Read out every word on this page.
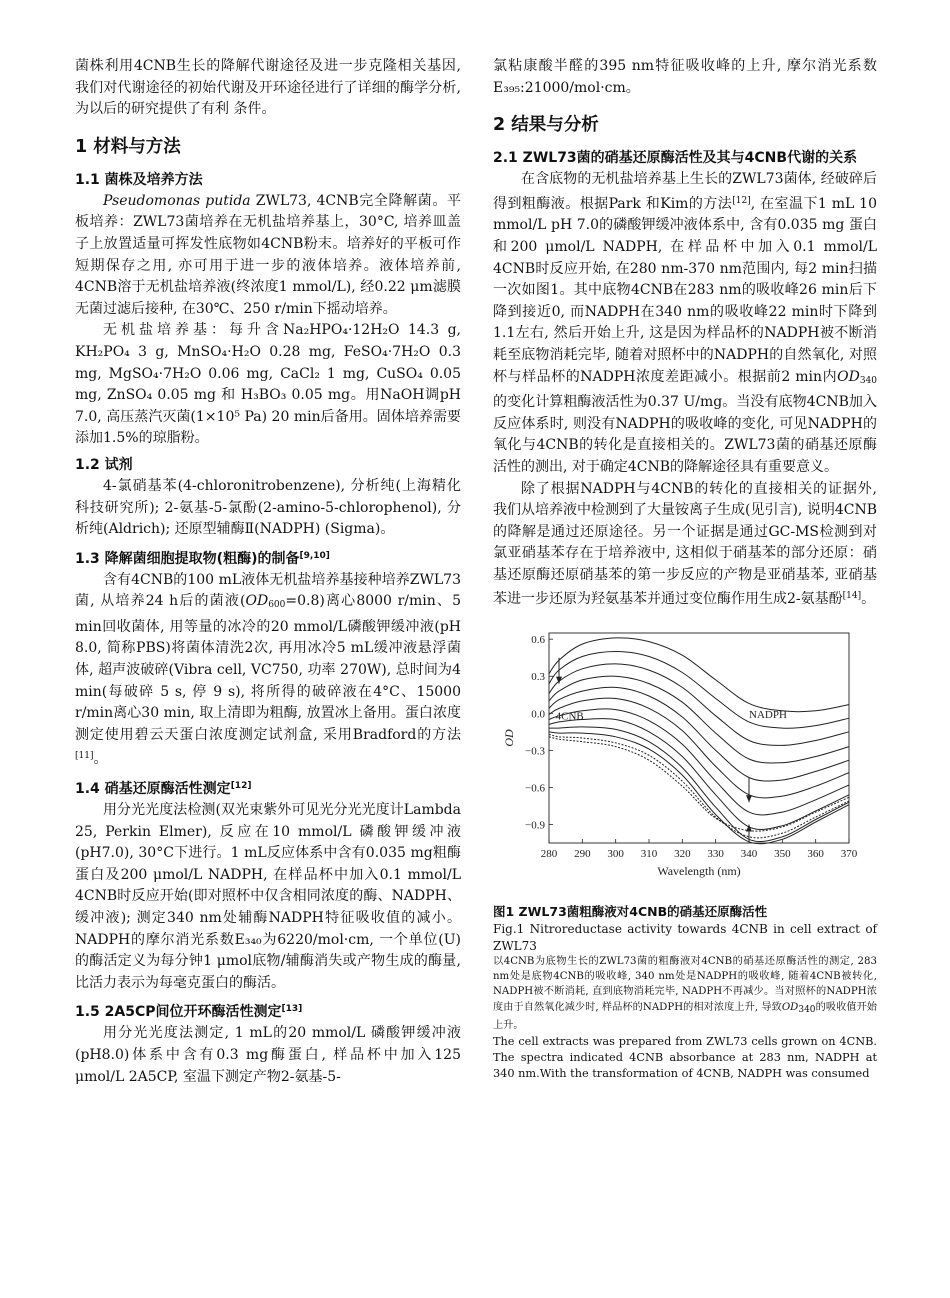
菌株利用4CNB生长的降解代谢途径及进一步克隆相关基因, 我们对代谢途径的初始代谢及开环途径进行了详细的酶学分析, 为以后的研究提供了有利 条件。

1 材料与方法
1.1 菌株及培养方法

Pseudomonas putida ZWL73, 4CNB完全降解菌。平板培养：ZWL73菌培养在无机盐培养基上，30°C, 培养皿盖子上放置适量可挥发性底物如4CNB粉末。培养好的平板可作短期保存之用, 亦可用于进一步的液体培养。液体培养前, 4CNB溶于无机盐培养液(终浓度1 mmol/L), 经0.22 μm滤膜无菌过滤后接种, 在30℃、250 r/min下摇动培养。

无机盐培养基：每升含Na₂HPO₄·12H₂O 14.3 g, KH₂PO₄ 3 g, MnSO₄·H₂O 0.28 mg, FeSO₄·7H₂O 0.3 mg, MgSO₄·7H₂O 0.06 mg, CaCl₂ 1 mg, CuSO₄ 0.05 mg, ZnSO₄ 0.05 mg 和 H₃BO₃ 0.05 mg。用NaOH调pH 7.0, 高压蒸汽灭菌(1×10⁵ Pa) 20 min后备用。固体培养需要添加1.5%的琼脂粉。

1.2 试剂

4-氯硝基苯(4-chloronitrobenzene), 分析纯(上海精化科技研究所); 2-氨基-5-氯酚(2-amino-5-chlorophenol), 分析纯(Aldrich); 还原型辅酶Ⅱ(NADPH) (Sigma)。

1.3 降解菌细胞提取物(粗酶)的制备[9,10]

含有4CNB的100 mL液体无机盐培养基接种培养ZWL73菌, 从培养24 h后的菌液$(OD_{600}=0.8)$离心8000 r/min、5 min回收菌体, 用等量的冰冷的20 mmol/L磷酸钾缓冲液(pH 8.0, 简称PBS)将菌体清洗2次, 再用冰冷5 mL缓冲液悬浮菌体, 超声波破碎(Vibra cell, VC750, 功率 270W), 总时间为4 min(每破碎 5 s, 停 9 s), 将所得的破碎液在4°C、15000 r/min离心30 min, 取上清即为粗酶, 放置冰上备用。蛋白浓度测定使用碧云天蛋白浓度测定试剂盒, 采用Bradford的方法[11]。

1.4 硝基还原酶活性测定[12]

用分光光度法检测(双光束紫外可见光分光光度计Lambda 25, Perkin Elmer), 反应在10 mmol/L 磷酸钾缓冲液 (pH7.0), 30°C下进行。1 mL反应体系中含有0.035 mg粗酶蛋白及200 μmol/L NADPH, 在样品杯中加入0.1 mmol/L 4CNB时反应开始(即对照杯中仅含相同浓度的酶、NADPH、缓冲液); 测定340 nm处辅酶NADPH特征吸收值的减小。NADPH的摩尔消光系数E₃₄₀为6220/mol·cm, 一个单位(U)的酶活定义为每分钟1 μmol底物/辅酶消失或产物生成的酶量, 比活力表示为每毫克蛋白的酶活。

1.5 2A5CP间位开环酶活性测定[13]

用分光光度法测定, 1 mL的20 mmol/L 磷酸钾缓冲液(pH8.0)体系中含有0.3 mg酶蛋白, 样品杯中加入125 μmol/L 2A5CP, 室温下测定产物2-氨基-5-

氯粘康酸半醛的395 nm特征吸收峰的上升, 摩尔消光系数E₃₉₅:21000/mol·cm。

2 结果与分析
2.1 ZWL73菌的硝基还原酶活性及其与4CNB代谢的关系

在含底物的无机盐培养基上生长的ZWL73菌体, 经破碎后得到粗酶液。根据Park 和Kim的方法[12], 在室温下1 mL 10 mmol/L pH 7.0的磷酸钾缓冲液体系中, 含有0.035 mg 蛋白和200 μmol/L NADPH, 在样品杯中加入0.1 mmol/L 4CNB时反应开始, 在280 nm-370 nm范围内, 每2 min扫描一次如图1。其中底物4CNB在283 nm的吸收峰26 min后下降到接近0, 而NADPH在340 nm的吸收峰22 min时下降到1.1左右, 然后开始上升, 这是因为样品杯的NADPH被不断消耗至底物消耗完毕, 随着对照杯中的NADPH的自然氧化, 对照杯与样品杯的NADPH浓度差距减小。根据前2 min内$OD_{340}$的变化计算粗酶液活性为0.37 U/mg。当没有底物4CNB加入反应体系时, 则没有NADPH的吸收峰的变化, 可见NADPH的氧化与4CNB的转化是直接相关的。ZWL73菌的硝基还原酶活性的测出, 对于确定4CNB的降解途径具有重要意义。

除了根据NADPH与4CNB的转化的直接相关的证据外, 我们从培养液中检测到了大量铵离子生成(见引言), 说明4CNB的降解是通过还原途径。另一个证据是通过GC-MS检测到对氯亚硝基苯存在于培养液中, 这相似于硝基苯的部分还原：硝基还原酶还原硝基苯的第一步反应的产物是亚硝基苯, 亚硝基苯进一步还原为羟氨基苯并通过变位酶作用生成2-氨基酚[14]。

280 290 300 310 320 330 340 350 360 370
0.6
0.3
0.0
−0.3
−0.6
−0.9
Wavelength (nm)
OD
4CNB	NADPH
图1 ZWL73菌粗酶液对4CNB的硝基还原酶活性
Fig.1 Nitroreductase activity towards 4CNB in cell extract of ZWL73
以4CNB为底物生长的ZWL73菌的粗酶液对4CNB的硝基还原酶活性的测定, 283 nm处是底物4CNB的吸收峰, 340 nm处是NADPH的吸收峰, 随着4CNB被转化, NADPH被不断消耗, 直到底物消耗完毕, NADPH不再减少。当对照杯的NADPH浓度由于自然氧化减少时, 样品杯的NADPH的相对浓度上升, 导致$OD_{340}$的吸收值开始上升。
The cell extracts was prepared from ZWL73 cells grown on 4CNB. The spectra indicated 4CNB absorbance at 283 nm, NADPH at 340 nm.With the transformation of 4CNB, NADPH was consumed
